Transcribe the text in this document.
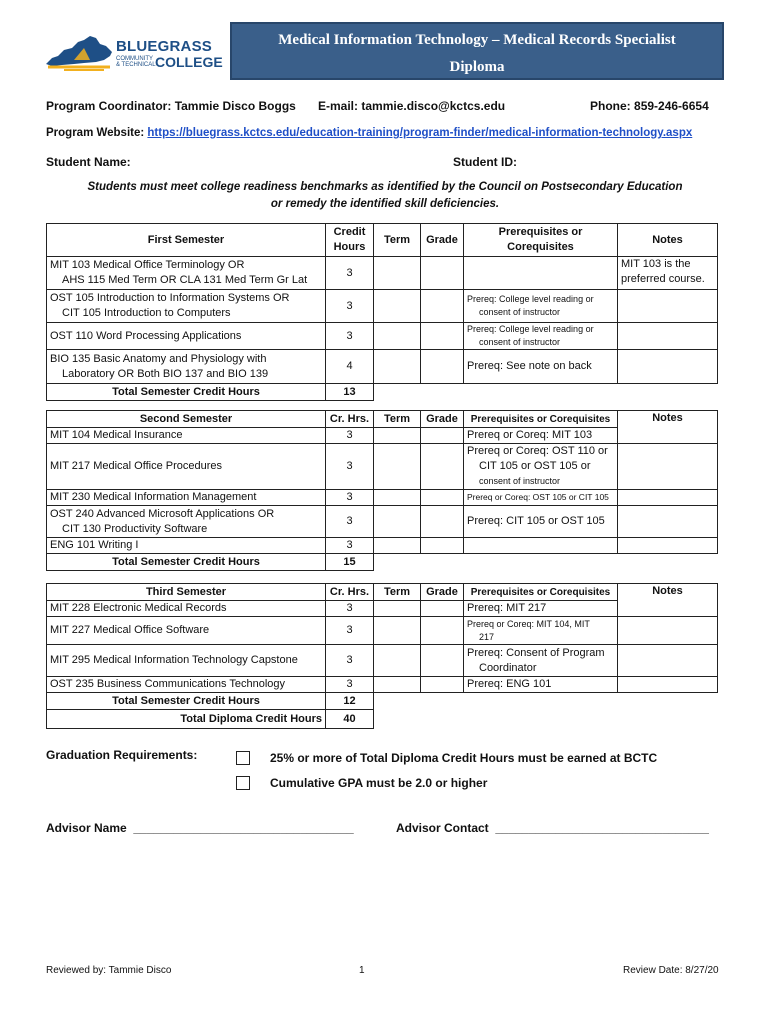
BLUEGRASS
COMMUNITY
& TECHNICAL COLLEGE
Medical Information Technology – Medical Records Specialist
Diploma
Program Coordinator: Tammie Disco Boggs E-mail: tammie.disco@kctcs.edu	Phone: 859-246-6654
Program Website: https://bluegrass.kctcs.edu/education-training/program-finder/medical-information-technology.aspx
Student Name:	Student ID:
Students must meet college readiness benchmarks as identified by the Council on Postsecondary Education
or remedy the identified skill deficiencies.
First Semester	Credit
Hours	Term	Grade	Prerequisites or
Corequisites	Notes
MIT 103 Medical Office Terminology OR
AHS 115 Med Term OR CLA 131 Med Term Gr Lat	3				MIT 103 is the
preferred course.
OST 105 Introduction to Information Systems OR
CIT 105 Introduction to Computers	3			Prereq: College level reading or
consent of instructor	

OST 110 Word Processing Applications	3			Prereq: College level reading or
consent of instructor	

BIO 135 Basic Anatomy and Physiology with
Laboratory OR Both BIO 137 and BIO 139	4			Prereq: See note on back	
Total Semester Credit Hours	13				
Second Semester	Cr. Hrs.	Term	Grade	Prerequisites or Corequisites	Notes
MIT 104 Medical Insurance	3			Prereq or Coreq: MIT 103	
MIT 217 Medical Office Procedures	3			Prereq or Coreq: OST 110 or
CIT 105 or OST 105 or
consent of instructor	

MIT 230 Medical Information Management	3			Prereq or Coreq: OST 105 or CIT 105	
OST 240 Advanced Microsoft Applications OR
CIT 130 Productivity Software	3			Prereq: CIT 105 or OST 105	
ENG 101 Writing I	3				
Total Semester Credit Hours	15				
Third Semester	Cr. Hrs.	Term	Grade	Prerequisites or Corequisites	Notes
MIT 228 Electronic Medical Records	3			Prereq: MIT 217	
MIT 227 Medical Office Software	3			Prereq or Coreq: MIT 104, MIT
217	

MIT 295 Medical Information Technology Capstone	3			Prereq: Consent of Program
Coordinator	

OST 235 Business Communications Technology	3			Prereq: ENG 101	
Total Semester Credit Hours	12				
Total Diploma Credit Hours	40				
Graduation Requirements:	25% or more of Total Diploma Credit Hours must be earned at BCTC
Cumulative GPA must be 2.0 or higher
Advisor Name _________________________________	Advisor Contact ________________________________
Reviewed by: Tammie Disco	1	Review Date: 8/27/20
